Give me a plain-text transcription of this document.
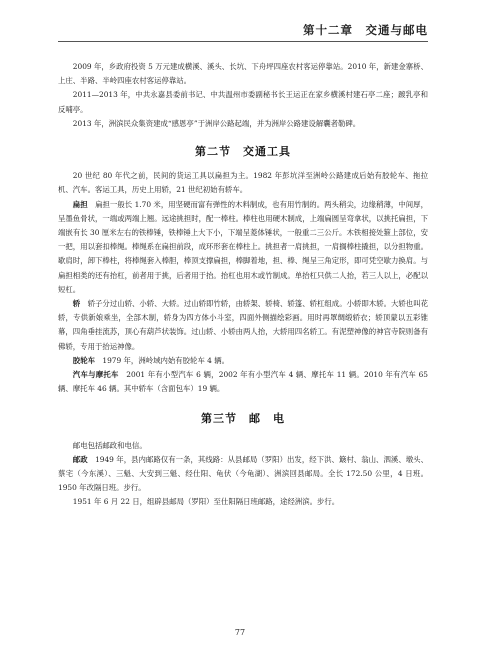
第十二章　交通与邮电

2009 年，乡政府投资 5 万元建成横溪、溪头、长坑、下舟坪四座农村客运停靠站。2010 年，新建金寨桥、上庄、半路、半岭四座农村客运停靠站。

2011—2013 年，中共永嘉县委前书记、中共温州市委副秘书长王运正在家乡横溪村建石亭二座；踱乳亭和反哺亭。

2013 年，洲滨民众集资建成“感恩亭”于洲岸公路起端，并为洲岸公路建设解囊者勒碑。

第二节　交通工具

20 世纪 80 年代之前，民间的货运工具以扁担为主。1982 年彭坑洋至洲岭公路建成后始有胶轮车、拖拉机、汽车。客运工具，历史上用轿，21 世纪初始有轿车。

扁担　扁担一般长 1.70 米，用坚硬而富有弹性的木料制成，也有用竹制的。两头稍尖，边缘稍薄，中间厚，呈墨鱼骨状，一端或两端上翘。远途挑担时，配一棒柱。棒柱也用硬木制成，上端扁圆呈弯拿状，以挑托扁担，下端嵌有长 30 厘米左右的铁棒锤，铁棒锤上大下小，下端呈菱体锤状，一般重二三公斤。木铁相接处箍上部位，安一把，用以套扣棒绳。棒绳系在扁担前段，成环形套在棒柱上。挑担者一肩挑担，一肩搁棒柱撬担，以分担物重。歇肩时，卸下棒柱，将棒绳套入棒胆，棒顶支撑扁担，棒脚着地，担、棒、绳呈三角定形，即可凭空歇力换肩。与扁担相类的还有抬杠，前者用于挑，后者用于抬。抬杠也用木或竹制成。单抬杠只供二人抬，若三人以上，必配以短杠。

轿　轿子分过山轿、小轿、大轿。过山轿即竹轿，由轿架、轿椅、轿篷、轿杠组成。小轿即木轿。大轿也叫花轿，专供新娘乘坐，全部木制，轿身为四方体小斗室，四面外侧描绘彩画。用时再罩绸缎轿衣；轿顶蒙以五彩锥幕，四角垂挂流苏，顶心有葫芦状装饰。过山轿、小轿由两人抬，大轿用四名轿工。有泥塑神像的神宫寺院则备有佛轿，专用于抬运神像。

胶轮车　1979 年，洲岭域内始有胶轮车 4 辆。

汽车与摩托车　2001 年有小型汽车 6 辆，2002 年有小型汽车 4 辆、摩托车 11 辆。2010 年有汽车 65 辆、摩托车 46 辆。其中轿车（含面包车）19 辆。

第三节　邮　电

邮电包括邮政和电信。

邮政　1949 年，县内邮路仅有一条，其线路：从县邮局（罗阳）出发，经下洪、簸村、翁山、泗溪、墩头、蔡宅（今东溪）、三魁、大安到三魁、经仕阳、龟伏（今龟湖）、洲滨回县邮局。全长 172.50 公里，4 日班。1950 年改隔日班。步行。

1951 年 6 月 22 日，组辟县邮局（罗阳）至仕阳隔日班邮路，途经洲滨。步行。

77
